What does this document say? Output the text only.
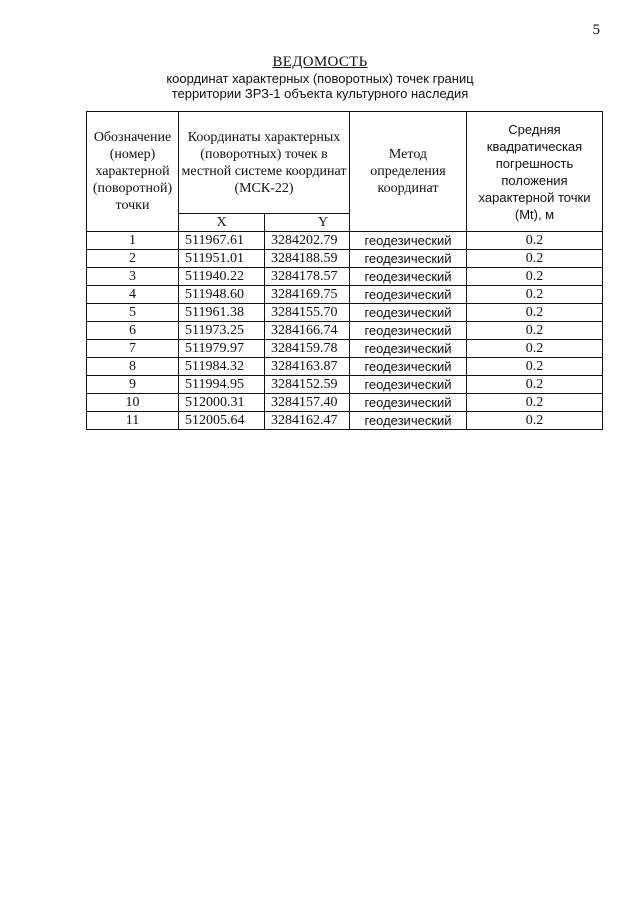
5
ВЕДОМОСТЬ
координат характерных (поворотных) точек границ
территории ЗРЗ-1 объекта культурного наследия
Обозначение (номер) характерной (поворотной) точки	Координаты характерных (поворотных) точек в местной системе координат (МСК-22)		Метод определения координат	Средняя квадратическая погрешность положения характерной точки (Mt), м
	X	Y		
1	511967.61	3284202.79	геодезический	0.2
2	511951.01	3284188.59	геодезический	0.2
3	511940.22	3284178.57	геодезический	0.2
4	511948.60	3284169.75	геодезический	0.2
5	511961.38	3284155.70	геодезический	0.2
6	511973.25	3284166.74	геодезический	0.2
7	511979.97	3284159.78	геодезический	0.2
8	511984.32	3284163.87	геодезический	0.2
9	511994.95	3284152.59	геодезический	0.2
10	512000.31	3284157.40	геодезический	0.2
11	512005.64	3284162.47	геодезический	0.2
